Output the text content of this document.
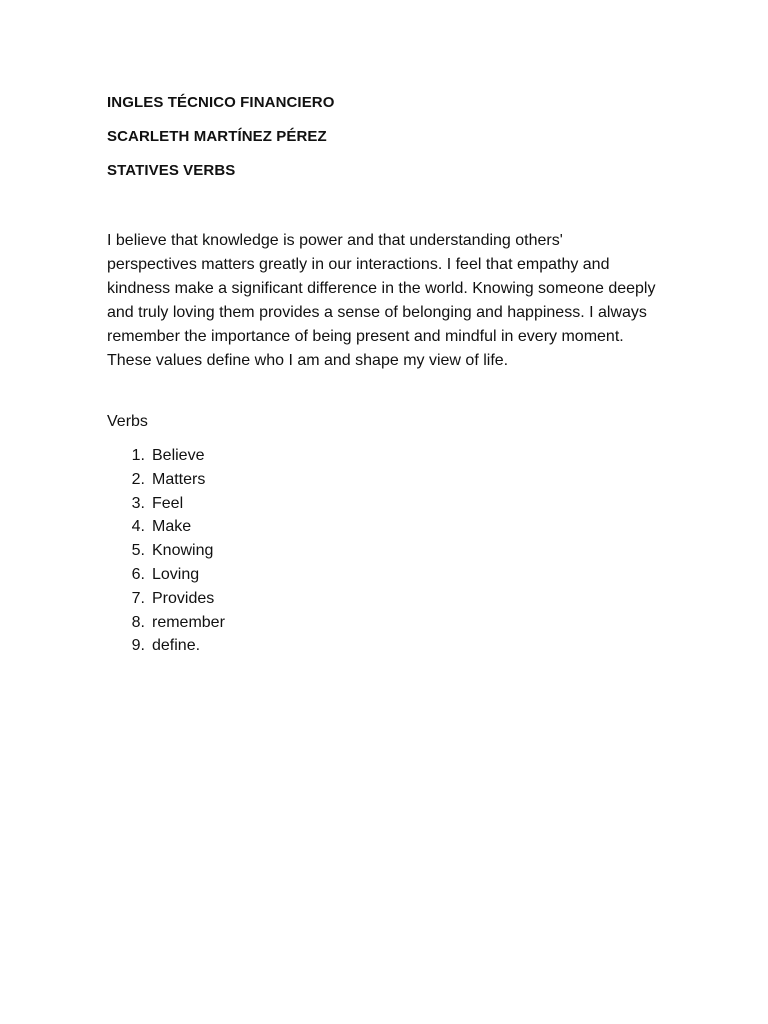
INGLES TÉCNICO FINANCIERO
SCARLETH MARTÍNEZ PÉREZ
STATIVES VERBS
I believe that knowledge is power and that understanding others'
perspectives matters greatly in our interactions. I feel that empathy and
kindness make a significant difference in the world. Knowing someone deeply
and truly loving them provides a sense of belonging and happiness. I always
remember the importance of being present and mindful in every moment.
These values define who I am and shape my view of life.
Verbs
1. Believe
2. Matters
3. Feel
4. Make
5. Knowing
6. Loving
7. Provides
8. remember
9. define.
